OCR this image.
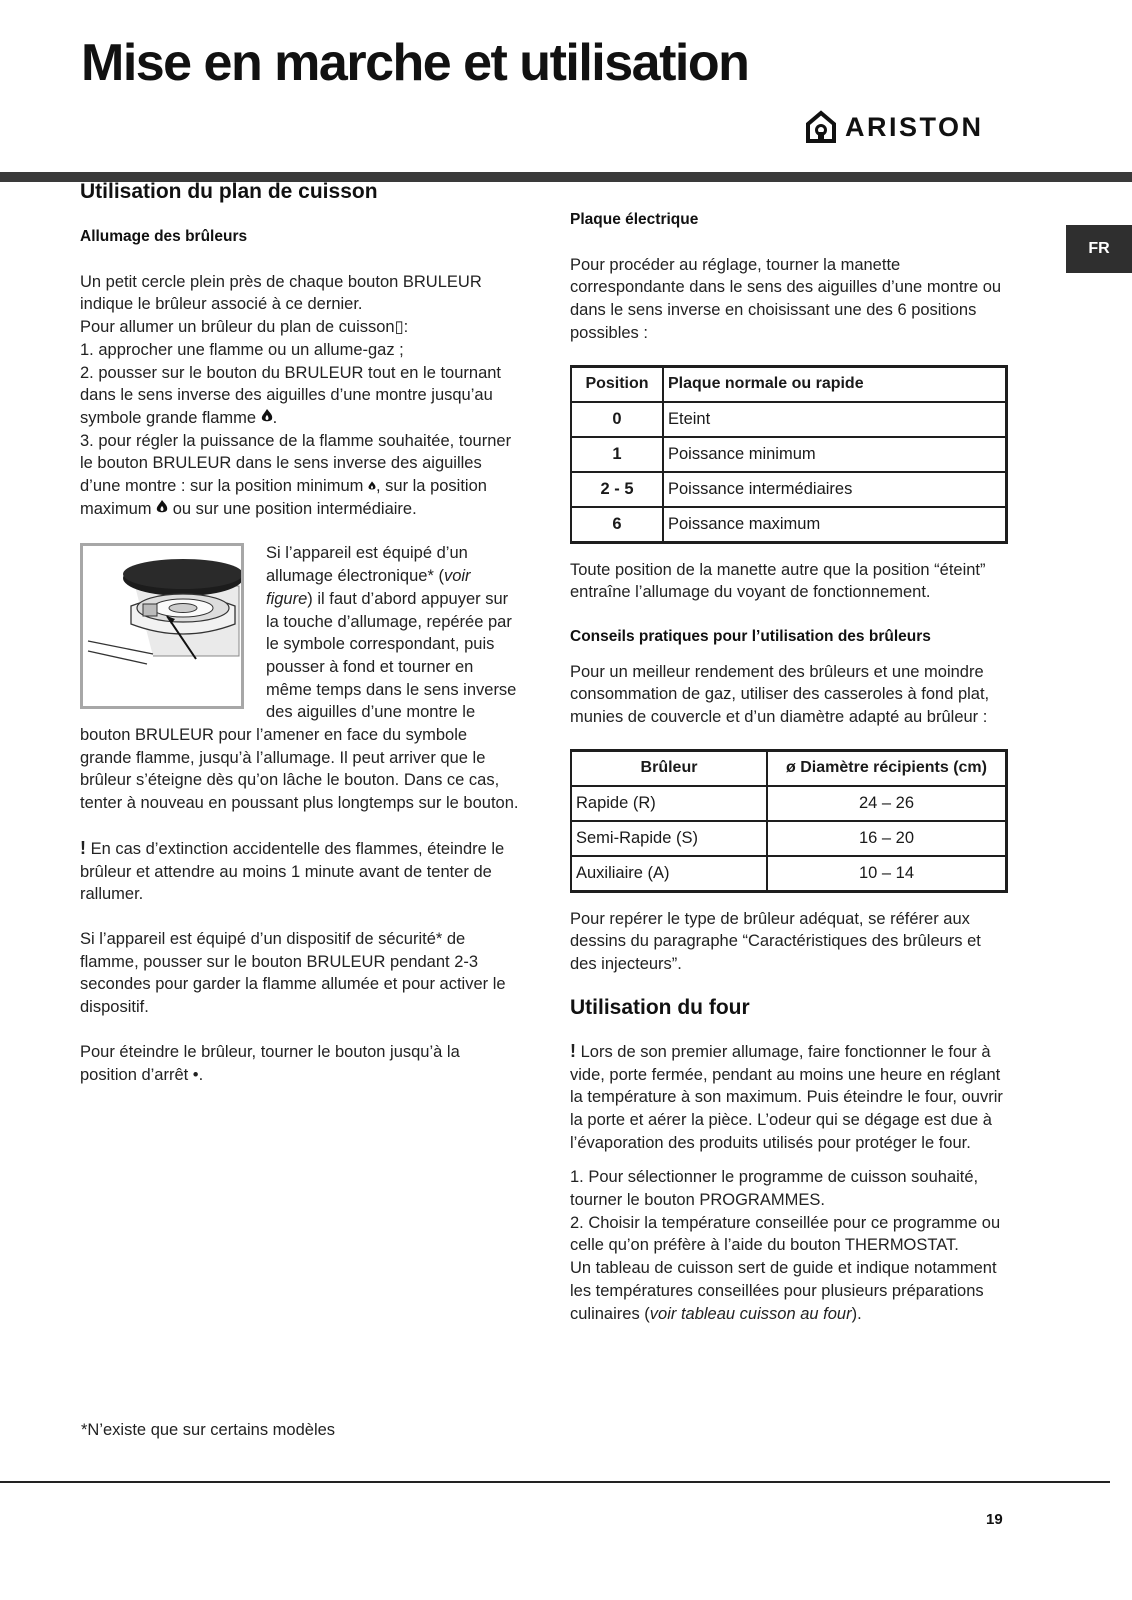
Mise en marche et utilisation
ARISTON
FR
Utilisation du plan de cuisson
Allumage des brûleurs

Un petit cercle plein près de chaque bouton BRULEUR indique le brûleur associé à ce dernier.

Pour allumer un brûleur du plan de cuisson▯:

1. approcher une flamme ou un allume-gaz ;

2. pousser sur le bouton du BRULEUR tout en le tournant dans le sens inverse des aiguilles d’une montre jusqu’au symbole grande flamme .

3. pour régler la puissance de la flamme souhaitée, tourner le bouton BRULEUR dans le sens inverse des aiguilles d’une montre : sur la position minimum , sur la position maximum ou sur une position intermédiaire.

Si l’appareil est équipé d’un allumage électronique* (voir figure) il faut d’abord appuyer sur la touche d’allumage, repérée par le symbole correspondant, puis pousser à fond et tourner en même temps dans le sens inverse des aiguilles d’une montre le bouton BRULEUR pour l’amener en face du symbole grande flamme, jusqu’à l’allumage. Il peut arriver que le brûleur s’éteigne dès qu’on lâche le bouton. Dans ce cas, tenter à nouveau en poussant plus longtemps sur le bouton.

! En cas d’extinction accidentelle des flammes, éteindre le brûleur et attendre au moins 1 minute avant de tenter de rallumer.

Si l’appareil est équipé d’un dispositif de sécurité* de flamme, pousser sur le bouton BRULEUR pendant 2-3 secondes pour garder la flamme allumée et pour activer le dispositif.

Pour éteindre le brûleur, tourner le bouton jusqu’à la position d’arrêt •.

*N’existe que sur certains modèles
Plaque électrique

Pour procéder au réglage, tourner la manette correspondante dans le sens des aiguilles d’une montre ou dans le sens inverse en choisissant une des 6 positions possibles :

Position	Plaque normale ou rapide
0	Eteint
1	Poissance minimum
2 - 5	Poissance intermédiaires
6	Poissance maximum

Toute position de la manette autre que la position “éteint” entraîne l’allumage du voyant de fonctionnement.

Conseils pratiques pour l’utilisation des brûleurs

Pour un meilleur rendement des brûleurs et une moindre consommation de gaz, utiliser des casseroles à fond plat, munies de couvercle et d’un diamètre adapté au brûleur :

Brûleur	ø Diamètre récipients (cm)
Rapide (R)	24 – 26
Semi-Rapide (S)	16 – 20
Auxiliaire (A)	10 – 14

Pour repérer le type de brûleur adéquat, se référer aux dessins du paragraphe “Caractéristiques des brûleurs et des injecteurs”.

Utilisation du four

! Lors de son premier allumage, faire fonctionner le four à vide, porte fermée, pendant au moins une heure en réglant la température à son maximum. Puis éteindre le four, ouvrir la porte et aérer la pièce. L’odeur qui se dégage est due à l’évaporation des produits utilisés pour protéger le four.

1. Pour sélectionner le programme de cuisson souhaité, tourner le bouton PROGRAMMES.

2. Choisir la température conseillée pour ce programme ou celle qu’on préfère à l’aide du bouton THERMOSTAT.

Un tableau de cuisson sert de guide et indique notamment les températures conseillées pour plusieurs préparations culinaires (voir tableau cuisson au four).

19
